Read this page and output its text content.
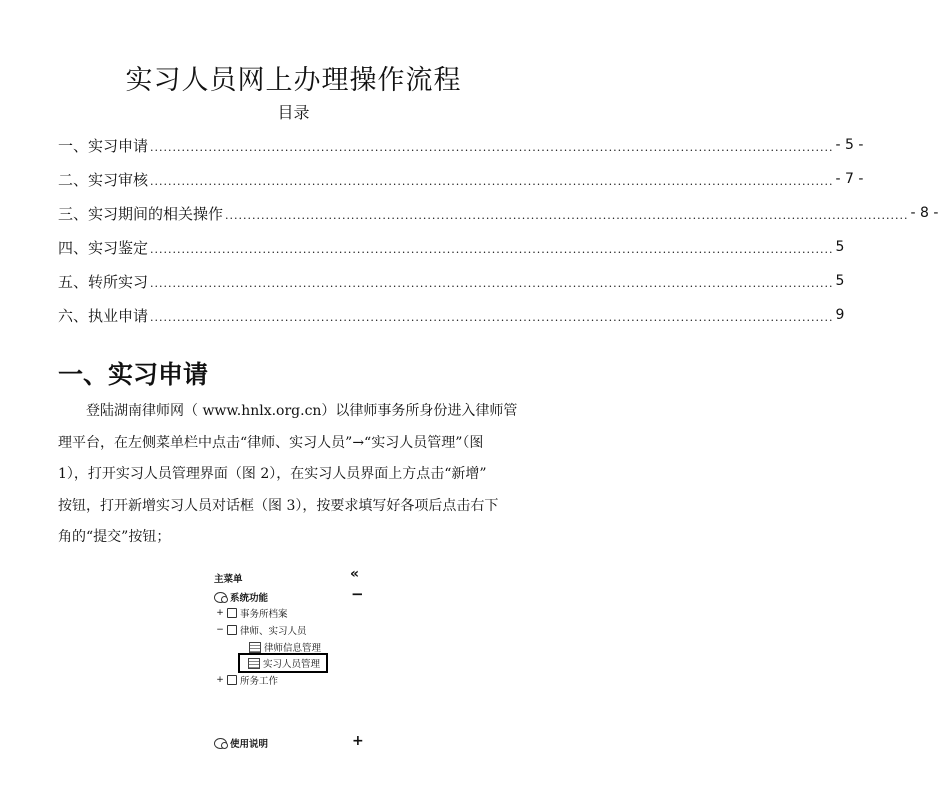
实习人员网上办理操作流程
目录
一、 实习申请 ........................................................................................................................................................ - 5 -
二、 实习审核 ........................................................................................................................................................ - 7 -
三、 实习期间的相关操作 ........................................................................................................................................................ - 8 -
四、 实习鉴定 ........................................................................................................................................................ 5
五、 转所实习 ........................................................................................................................................................ 5
六、 执业申请 ........................................................................................................................................................ 9
一、实习申请
登陆湖南律师网（ www.hnlx.org.cn）以律师事务所身份进入律师管
理平台，在左侧菜单栏中点击“律师、实习人员”→“实习人员管理”（图
1），打开实习人员管理界面（图 2），在实习人员界面上方点击“新增”
按钮，打开新增实习人员对话框（图 3），按要求填写好各项后点击右下
角的“提交”按钮；
主菜单	«
系统功能	−
+ 事务所档案
− 律师、实习人员
律师信息管理
实习人员管理
+ 所务工作
使用说明	+
